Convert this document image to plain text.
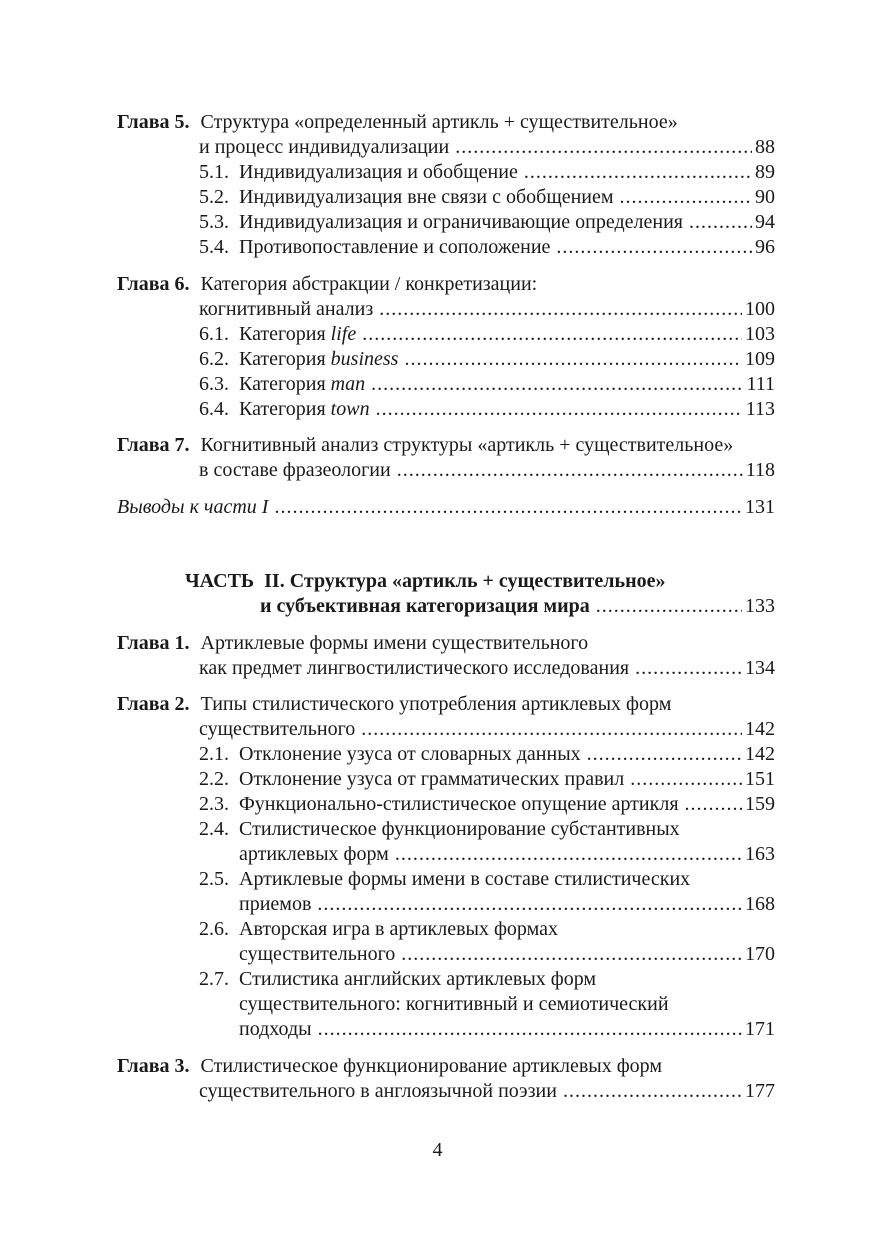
Глава 5. Структура «определенный артикль + существительное»
и процесс индивидуализации .....	88
5.1. Индивидуализация и обобщение .....	89
5.2. Индивидуализация вне связи с обобщением .....	90
5.3. Индивидуализация и ограничивающие определения .....	94
5.4. Противопоставление и соположение .....	96
Глава 6. Категория абстракции / конкретизации:
когнитивный анализ .....	100
6.1. Категория life .....	103
6.2. Категория business .....	109
6.3. Категория man .....	111
6.4. Категория town .....	113
Глава 7. Когнитивный анализ структуры «артикль + существительное»
в составе фразеологии .....	118
Выводы к части I .....	131
ЧАСТЬ  II. Структура «артикль + существительное»
и субъективная категоризация мира .....	133
Глава 1. Артиклевые формы имени существительного
как предмет лингвостилистического исследования .....	134
Глава 2. Типы стилистического употребления артиклевых форм
существительного .....	142
2.1. Отклонение узуса от словарных данных .....	142
2.2. Отклонение узуса от грамматических правил .....	151
2.3. Функционально-стилистическое опущение артикля .....	159
2.4. Стилистическое функционирование субстантивных
артиклевых форм .....	163
2.5. Артиклевые формы имени в составе стилистических
приемов .....	168
2.6. Авторская игра в артиклевых формах
существительного .....	170
2.7. Стилистика английских артиклевых форм
существительного: когнитивный и семиотический
подходы .....	171
Глава 3. Стилистическое функционирование артиклевых форм
существительного в англоязычной поэзии .....	177
4
